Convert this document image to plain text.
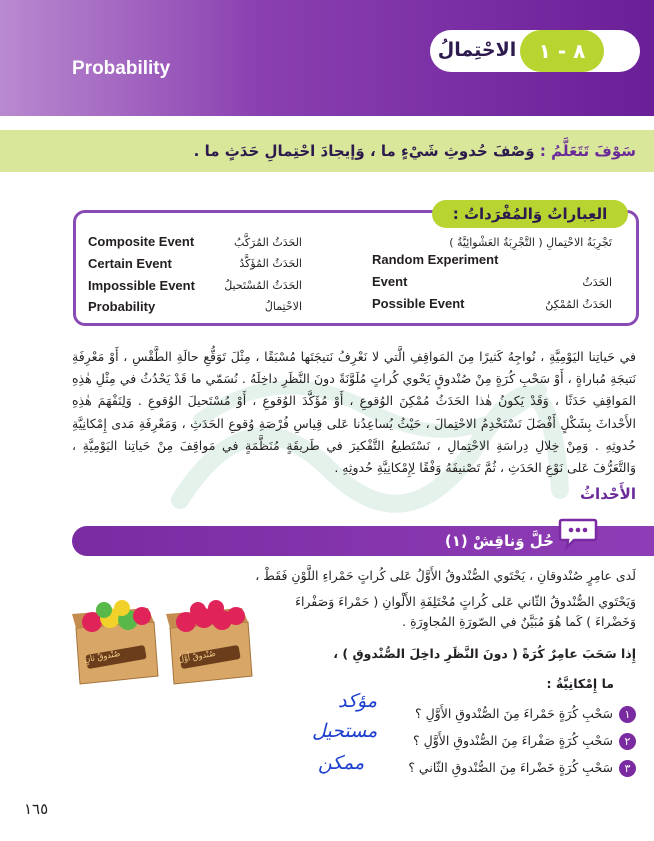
Probability
الاحْتِمالُ	٨ - ١
سَوْفَ تَتَعَلَّمُ : وَصْفَ حُدوثِ شَيْءٍ ما ، وَإيجادَ احْتِمالِ حَدَثٍ ما .
العِباراتُ وَالمُفْرَداتُ :
تَجْرِبَةُ الاحْتِمالِ ( التَّجْرِبَةُ العَشْوائِيَّةُ )
Random Experiment
الحَدَثُ
Event
الحَدَثُ المُمْكِنُ
Possible Event
Composite Event	الحَدَثُ المُرَكَّبُ
Certain Event	الحَدَثُ المُؤَكَّدُ
Impossible Event	الحَدَثُ المُسْتَحيلُ
Probability	الاحْتِمالُ
في حَياتِنا اليَوْمِيَّةِ ، نُواجِهُ كَثيرًا مِنَ المَواقِفِ الَّتي لا نَعْرِفُ نَتيجَتَها مُسْبَقًا ، مِثْلَ تَوَقُّعِ حالَةِ الطَّقْسِ ، أَوْ مَعْرِفَةِ نَتيجَةِ مُباراةٍ ، أَوْ سَحْبِ كُرَةٍ مِنْ صُنْدوقٍ يَحْوي كُراتٍ مُلَوَّنَةً دونَ النَّظَرِ داخِلَهُ . نُسَمّي ما قَدْ يَحْدُثُ في مِثْلِ هٰذِهِ المَواقِفِ حَدَثًا ، وَقَدْ يَكونُ هٰذا الحَدَثُ مُمْكِنَ الوُقوعِ ، أَوْ مُؤَكَّدَ الوُقوعِ ، أَوْ مُسْتَحيلَ الوُقوعِ . وَلِنَفْهَمَ هٰذِهِ الأَحْداثَ بِشَكْلٍ أَفْضَلَ نَسْتَخْدِمُ الاحْتِمالَ ، حَيْثُ يُساعِدُنا عَلى قِياسِ فُرْصَةِ وُقوعِ الحَدَثِ ، وَمَعْرِفَةِ مَدى إِمْكانِيَّةِ حُدوثِهِ . وَمِنْ خِلالِ دِراسَةِ الاحْتِمالِ ، نَسْتَطيعُ التَّفْكيرَ في طَريقَةٍ مُنَظَّمَةٍ في مَواقِفَ مِنْ حَياتِنا اليَوْمِيَّةِ ، وَالتَّعَرُّفَ عَلى نَوْعِ الحَدَثِ ، ثُمَّ تَصْنيفَهُ وَفْقًا لِإِمْكانِيَّةِ حُدوثِهِ .
الأَحْداثُ
حُلَّ وَناقِشْ (١)
لَدى عامِرٍ صُنْدوقانِ ، يَحْتَوي الصُّنْدوقُ الأَوَّلُ عَلى كُراتٍ حَمْراءِ اللَّوْنِ فَقَطْ ،
وَيَحْتَوي الصُّنْدوقُ الثّاني عَلى كُراتٍ مُخْتَلِفَةِ الأَلْوانِ ( حَمْراءَ وَصَفْراءَ
وَخَضْراءَ ) كَما هُوَ مُبَيَّنٌ في الصّورَةِ المُجاوِرَةِ .
إِذا سَحَبَ عامِرٌ كُرَةً ( دونَ النَّظَرِ داخِلَ الصُّنْدوقِ ) ،
ما إِمْكانِيَّةُ :
صُنْدوقٌ ثانٍ	صُنْدوقٌ أَوَّلٌ
١سَحْبِ كُرَةٍ حَمْراءَ مِنَ الصُّنْدوقِ الأَوَّلِ ؟
مؤكد
٢سَحْبِ كُرَةٍ صَفْراءَ مِنَ الصُّنْدوقِ الأَوَّلِ ؟
مستحيل
٣سَحْبِ كُرَةٍ خَضْراءَ مِنَ الصُّنْدوقِ الثّاني ؟
ممكن
١٦٥
